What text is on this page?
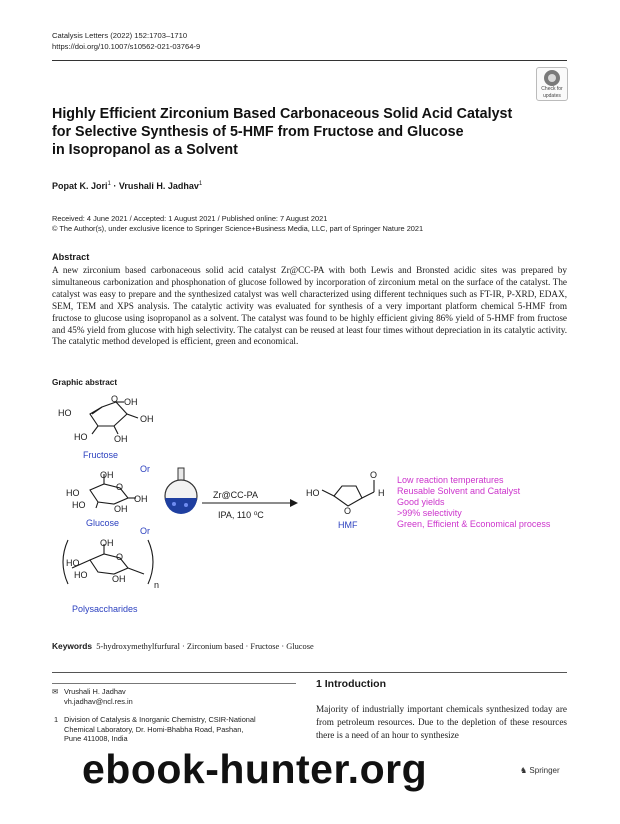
Catalysis Letters (2022) 152:1703–1710
https://doi.org/10.1007/s10562-021-03764-9
Check for
updates
Highly Efficient Zirconium Based Carbonaceous Solid Acid Catalyst
for Selective Synthesis of 5-HMF from Fructose and Glucose
in Isopropanol as a Solvent
Popat K. Jori$^1$ · Vrushali H. Jadhav$^1$
Received: 4 June 2021 / Accepted: 1 August 2021 / Published online: 7 August 2021
© The Author(s), under exclusive licence to Springer Science+Business Media, LLC, part of Springer Nature 2021
Abstract
A new zirconium based carbonaceous solid acid catalyst Zr@CC-PA with both Lewis and Bronsted acidic sites was prepared by simultaneous carbonization and phosphonation of glucose followed by incorporation of zirconium metal on the surface of the catalyst. The catalyst was easy to prepare and the synthesized catalyst was well characterized using different techniques such as FT-IR, P-XRD, EDAX, SEM, TEM and XPS analysis. The catalytic activity was evaluated for synthesis of a very important platform chemical 5-HMF from fructose to glucose using isopropanol as a solvent. The catalyst was found to be highly efficient giving 86% yield of 5-HMF from fructose and 45% yield from glucose with high selectivity. The catalyst can be reused at least four times without depreciation in its catalytic activity. The catalytic method developed is efficient, green and economical.
Graphic abstract
HO
O OH
OH
HO	OH
Fructose
Or
OH
O
HO
HO	OH
OH
Glucose
Or
OH
O
HO
HO	OH
n
Polysaccharides
Zr@CC-PA
IPA, 110 ⁰C
HO
O
O
H
HMF
Low reaction temperatures
Reusable Solvent and Catalyst
Good yields
>99% selectivity
Green, Efficient & Economical process
Keywords 5-hydroxymethylfurfural · Zirconium based · Fructose · Glucose
✉ Vrushali H. Jadhav
vh.jadhav@ncl.res.in
1 Division of Catalysis & Inorganic Chemistry, CSIR-National
Chemical Laboratory, Dr. Homi-Bhabha Road, Pashan,
Pune 411008, India
1 Introduction
Majority of industrially important chemicals synthesized today are from petroleum resources. Due to the depletion of these resources there is a need of an hour to synthesize
ebook-hunter.org	♞ Springer
